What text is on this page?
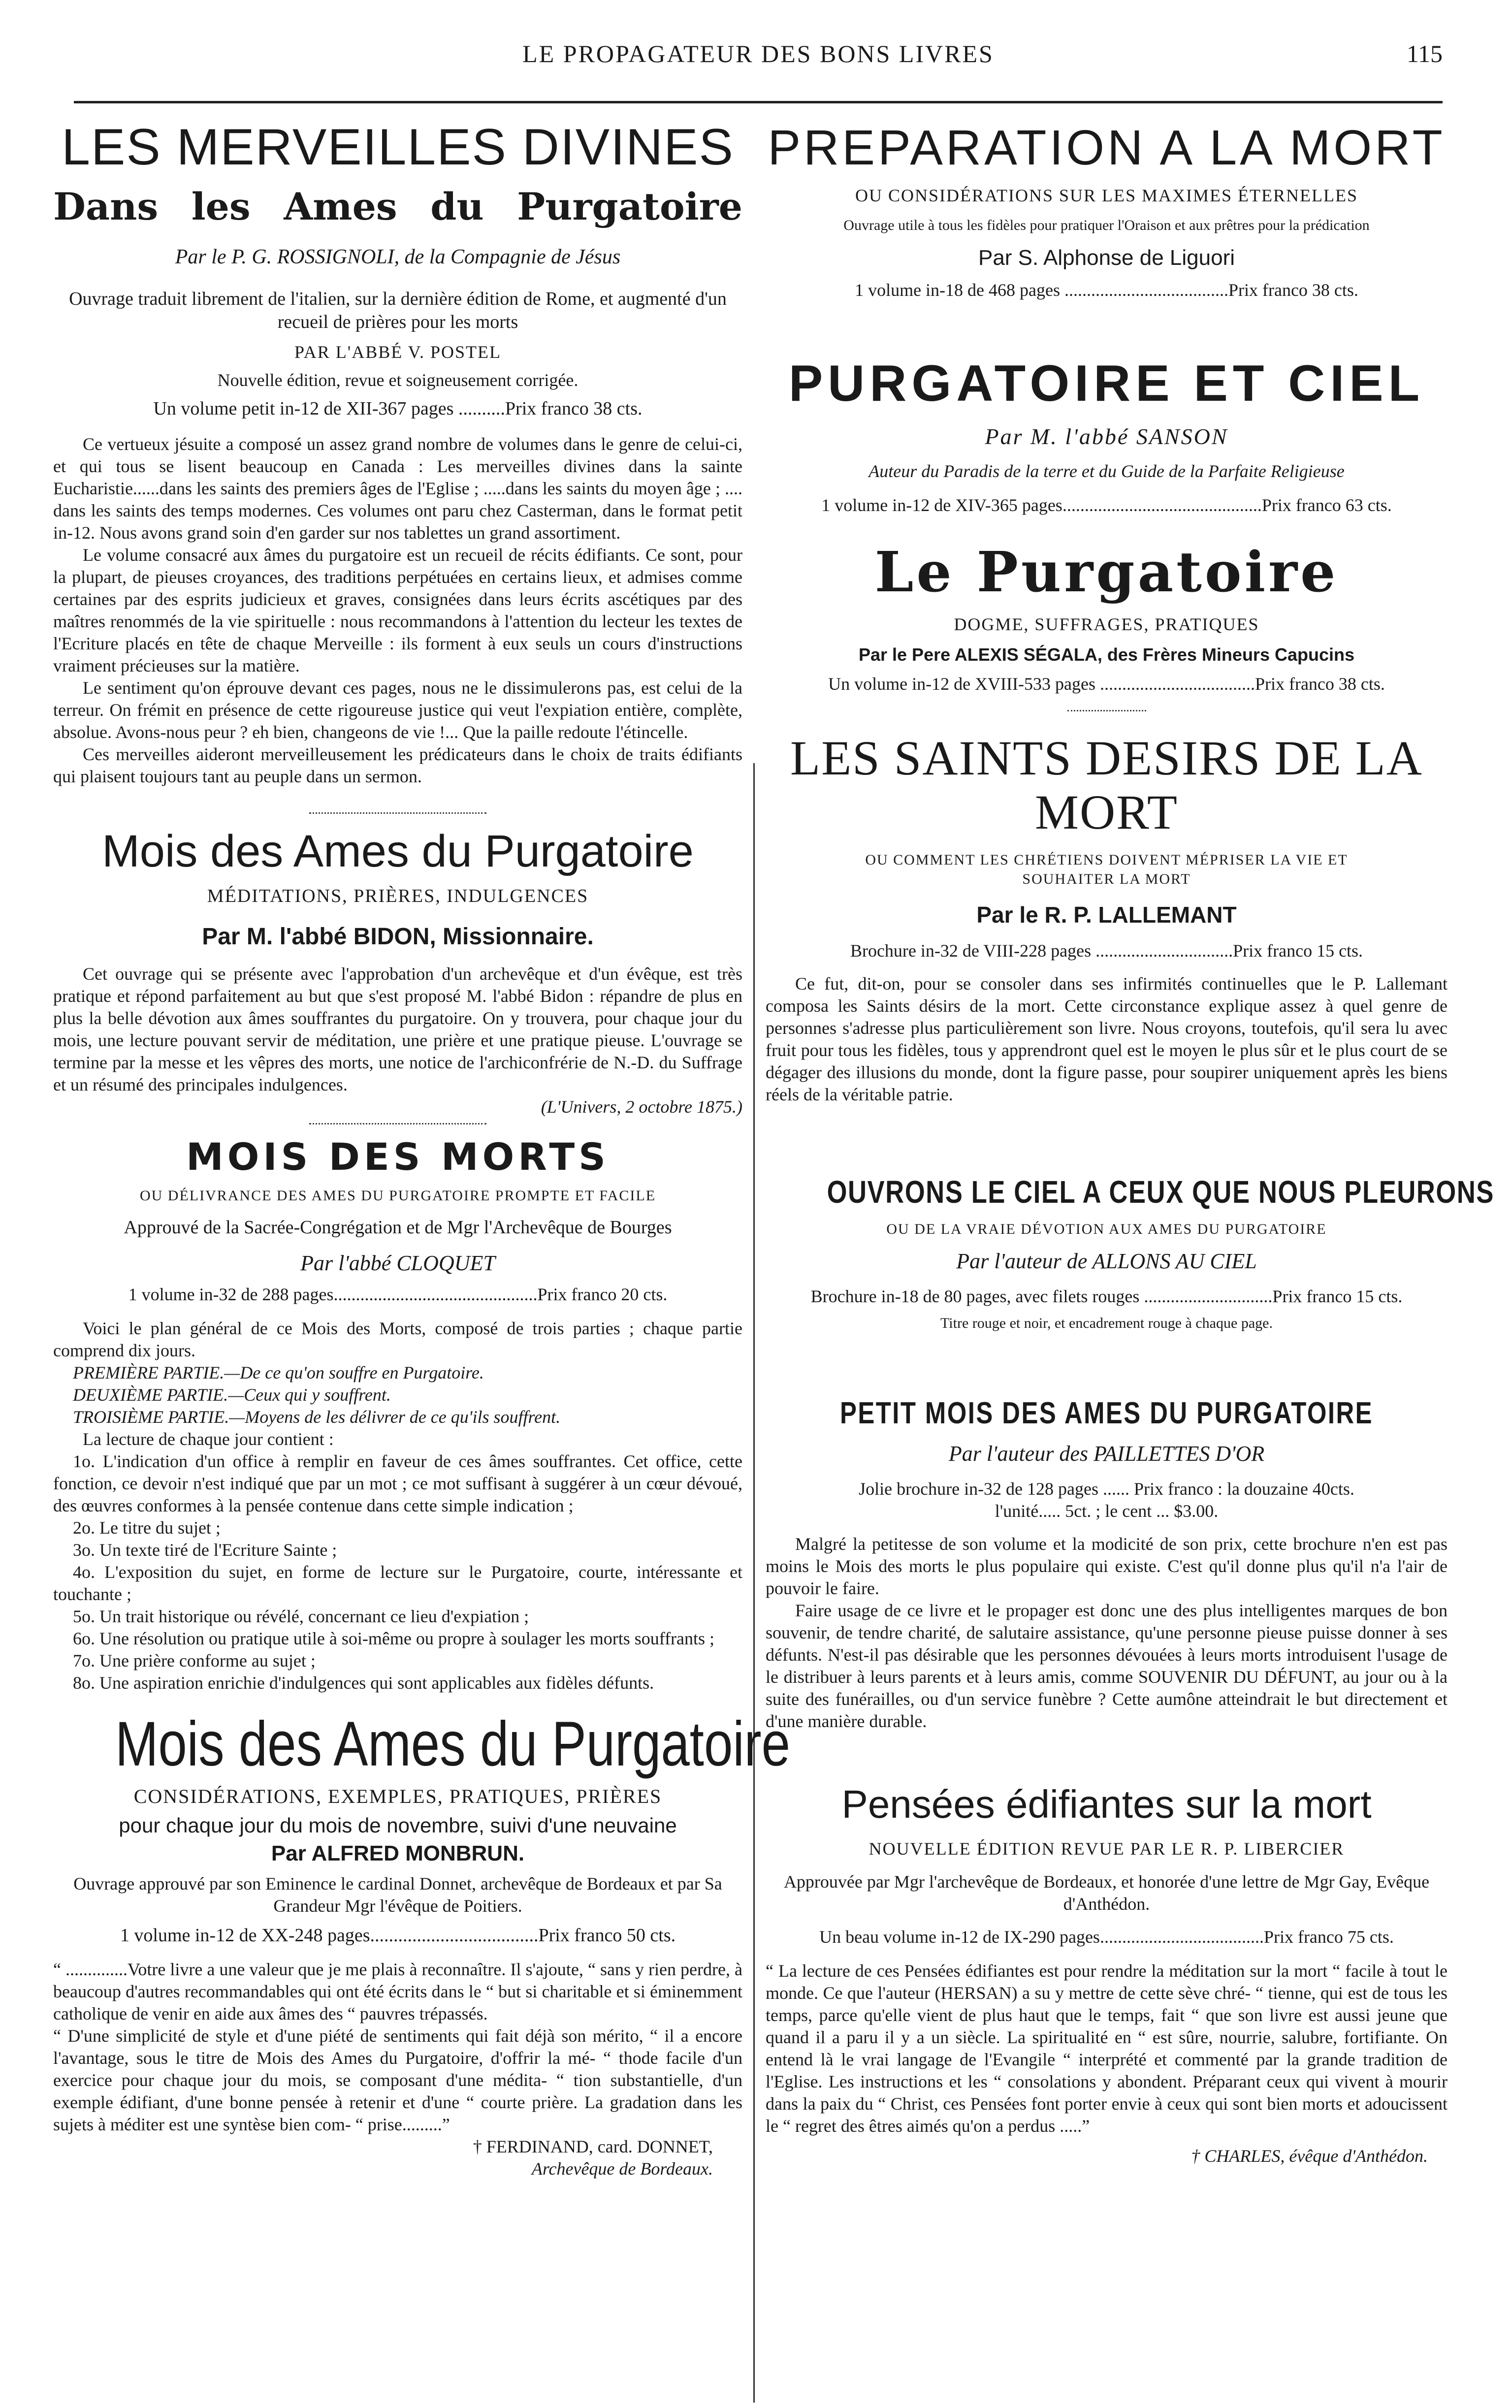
LE PROPAGATEUR DES BONS LIVRES	115
LES MERVEILLES DIVINES
Dans les Ames du Purgatoire

Par le P. G. ROSSIGNOLI, de la Compagnie de Jésus

Ouvrage traduit librement de l'italien, sur la dernière édition de Rome, et augmenté d'un recueil de prières pour les morts

PAR L'ABBÉ V. POSTEL

Nouvelle édition, revue et soigneusement corrigée.

Un volume petit in-12 de XII-367 pages ..........Prix franco 38 cts.

Ce vertueux jésuite a composé un assez grand nombre de volumes dans le genre de celui-ci, et qui tous se lisent beaucoup en Canada : Les merveilles divines dans la sainte Eucharistie......dans les saints des premiers âges de l'Eglise ; .....dans les saints du moyen âge ; .... dans les saints des temps modernes. Ces volumes ont paru chez Casterman, dans le format petit in-12. Nous avons grand soin d'en garder sur nos tablettes un grand assortiment.

Le volume consacré aux âmes du purgatoire est un recueil de récits édifiants. Ce sont, pour la plupart, de pieuses croyances, des traditions perpétuées en certains lieux, et admises comme certaines par des esprits judicieux et graves, consignées dans leurs écrits ascétiques par des maîtres renommés de la vie spirituelle : nous recommandons à l'attention du lecteur les textes de l'Ecriture placés en tête de chaque Merveille : ils forment à eux seuls un cours d'instructions vraiment précieuses sur la matière.

Le sentiment qu'on éprouve devant ces pages, nous ne le dissimulerons pas, est celui de la terreur. On frémit en présence de cette rigoureuse justice qui veut l'expiation entière, complète, absolue. Avons-nous peur ? eh bien, changeons de vie !... Que la paille redoute l'étincelle.

Ces merveilles aideront merveilleusement les prédicateurs dans le choix de traits édifiants qui plaisent toujours tant au peuple dans un sermon.

Mois des Ames du Purgatoire

MÉDITATIONS, PRIÈRES, INDULGENCES

Par M. l'abbé BIDON, Missionnaire.

Cet ouvrage qui se présente avec l'approbation d'un archevêque et d'un évêque, est très pratique et répond parfaitement au but que s'est proposé M. l'abbé Bidon : répandre de plus en plus la belle dévotion aux âmes souffrantes du purgatoire. On y trouvera, pour chaque jour du mois, une lecture pouvant servir de méditation, une prière et une pratique pieuse. L'ouvrage se termine par la messe et les vêpres des morts, une notice de l'archiconfrérie de N.-D. du Suffrage et un résumé des principales indulgences.

(L'Univers, 2 octobre 1875.)

MOIS DES MORTS

OU DÉLIVRANCE DES AMES DU PURGATOIRE PROMPTE ET FACILE

Approuvé de la Sacrée-Congrégation et de Mgr l'Archevêque de Bourges

Par l'abbé CLOQUET

1 volume in-32 de 288 pages..............................................Prix franco 20 cts.

Voici le plan général de ce Mois des Morts, composé de trois parties ; chaque partie comprend dix jours.

PREMIÈRE PARTIE.—De ce qu'on souffre en Purgatoire.

DEUXIÈME PARTIE.—Ceux qui y souffrent.

TROISIÈME PARTIE.—Moyens de les délivrer de ce qu'ils souffrent.

La lecture de chaque jour contient :

1o. L'indication d'un office à remplir en faveur de ces âmes souffrantes. Cet office, cette fonction, ce devoir n'est indiqué que par un mot ; ce mot suffisant à suggérer à un cœur dévoué, des œuvres conformes à la pensée contenue dans cette simple indication ;

2o. Le titre du sujet ;

3o. Un texte tiré de l'Ecriture Sainte ;

4o. L'exposition du sujet, en forme de lecture sur le Purgatoire, courte, intéressante et touchante ;

5o. Un trait historique ou révélé, concernant ce lieu d'expiation ;

6o. Une résolution ou pratique utile à soi-même ou propre à soulager les morts souffrants ;

7o. Une prière conforme au sujet ;

8o. Une aspiration enrichie d'indulgences qui sont applicables aux fidèles défunts.

Mois des Ames du Purgatoire

CONSIDÉRATIONS, EXEMPLES, PRATIQUES, PRIÈRES

pour chaque jour du mois de novembre, suivi d'une neuvaine

Par ALFRED MONBRUN.

Ouvrage approuvé par son Eminence le cardinal Donnet, archevêque de Bordeaux et par Sa Grandeur Mgr l'évêque de Poitiers.

1 volume in-12 de XX-248 pages....................................Prix franco 50 cts.

“ ..............Votre livre a une valeur que je me plais à reconnaître. Il s'ajoute, “ sans y rien perdre, à beaucoup d'autres recommandables qui ont été écrits dans le “ but si charitable et si éminemment catholique de venir en aide aux âmes des “ pauvres trépassés.

“ D'une simplicité de style et d'une piété de sentiments qui fait déjà son mérito, “ il a encore l'avantage, sous le titre de Mois des Ames du Purgatoire, d'offrir la mé- “ thode facile d'un exercice pour chaque jour du mois, se composant d'une médita- “ tion substantielle, d'un exemple édifiant, d'une bonne pensée à retenir et d'une “ courte prière. La gradation dans les sujets à méditer est une syntèse bien com- “ prise.........”

† FERDINAND, card. DONNET,

Archevêque de Bordeaux.

PREPARATION A LA MORT

OU CONSIDÉRATIONS SUR LES MAXIMES ÉTERNELLES

Ouvrage utile à tous les fidèles pour pratiquer l'Oraison et aux prêtres pour la prédication

Par S. Alphonse de Liguori

1 volume in-18 de 468 pages .....................................Prix franco 38 cts.

PURGATOIRE ET CIEL

Par M. l'abbé SANSON

Auteur du Paradis de la terre et du Guide de la Parfaite Religieuse

1 volume in-12 de XIV-365 pages.............................................Prix franco 63 cts.

Le Purgatoire

DOGME, SUFFRAGES, PRATIQUES

Par le Pere ALEXIS SÉGALA, des Frères Mineurs Capucins

Un volume in-12 de XVIII-533 pages ...................................Prix franco 38 cts.

LES SAINTS DESIRS DE LA MORT

OU COMMENT LES CHRÉTIENS DOIVENT MÉPRISER LA VIE ET SOUHAITER LA MORT

Par le R. P. LALLEMANT

Brochure in-32 de VIII-228 pages ...............................Prix franco 15 cts.

Ce fut, dit-on, pour se consoler dans ses infirmités continuelles que le P. Lallemant composa les Saints désirs de la mort. Cette circonstance explique assez à quel genre de personnes s'adresse plus particulièrement son livre. Nous croyons, toutefois, qu'il sera lu avec fruit pour tous les fidèles, tous y apprendront quel est le moyen le plus sûr et le plus court de se dégager des illusions du monde, dont la figure passe, pour soupirer uniquement après les biens réels de la véritable patrie.

OUVRONS LE CIEL A CEUX QUE NOUS PLEURONS

OU DE LA VRAIE DÉVOTION AUX AMES DU PURGATOIRE

Par l'auteur de ALLONS AU CIEL

Brochure in-18 de 80 pages, avec filets rouges .............................Prix franco 15 cts.

Titre rouge et noir, et encadrement rouge à chaque page.

PETIT MOIS DES AMES DU PURGATOIRE

Par l'auteur des PAILLETTES D'OR

Jolie brochure in-32 de 128 pages ...... Prix franco : la douzaine 40cts.

l'unité..... 5ct. ; le cent ... $3.00.

Malgré la petitesse de son volume et la modicité de son prix, cette brochure n'en est pas moins le Mois des morts le plus populaire qui existe. C'est qu'il donne plus qu'il n'a l'air de pouvoir le faire.

Faire usage de ce livre et le propager est donc une des plus intelligentes marques de bon souvenir, de tendre charité, de salutaire assistance, qu'une personne pieuse puisse donner à ses défunts. N'est-il pas désirable que les personnes dévouées à leurs morts introduisent l'usage de le distribuer à leurs parents et à leurs amis, comme SOUVENIR DU DÉFUNT, au jour ou à la suite des funérailles, ou d'un service funèbre ? Cette aumône atteindrait le but directement et d'une manière durable.

Pensées édifiantes sur la mort

NOUVELLE ÉDITION REVUE PAR LE R. P. LIBERCIER

Approuvée par Mgr l'archevêque de Bordeaux, et honorée d'une lettre de Mgr Gay, Evêque d'Anthédon.

Un beau volume in-12 de IX-290 pages.....................................Prix franco 75 cts.

“ La lecture de ces Pensées édifiantes est pour rendre la méditation sur la mort “ facile à tout le monde. Ce que l'auteur (HERSAN) a su y mettre de cette sève chré- “ tienne, qui est de tous les temps, parce qu'elle vient de plus haut que le temps, fait “ que son livre est aussi jeune que quand il a paru il y a un siècle. La spiritualité en “ est sûre, nourrie, salubre, fortifiante. On entend là le vrai langage de l'Evangile “ interprété et commenté par la grande tradition de l'Eglise. Les instructions et les “ consolations y abondent. Préparant ceux qui vivent à mourir dans la paix du “ Christ, ces Pensées font porter envie à ceux qui sont bien morts et adoucissent le “ regret des êtres aimés qu'on a perdus .....”

† CHARLES, évêque d'Anthédon.
